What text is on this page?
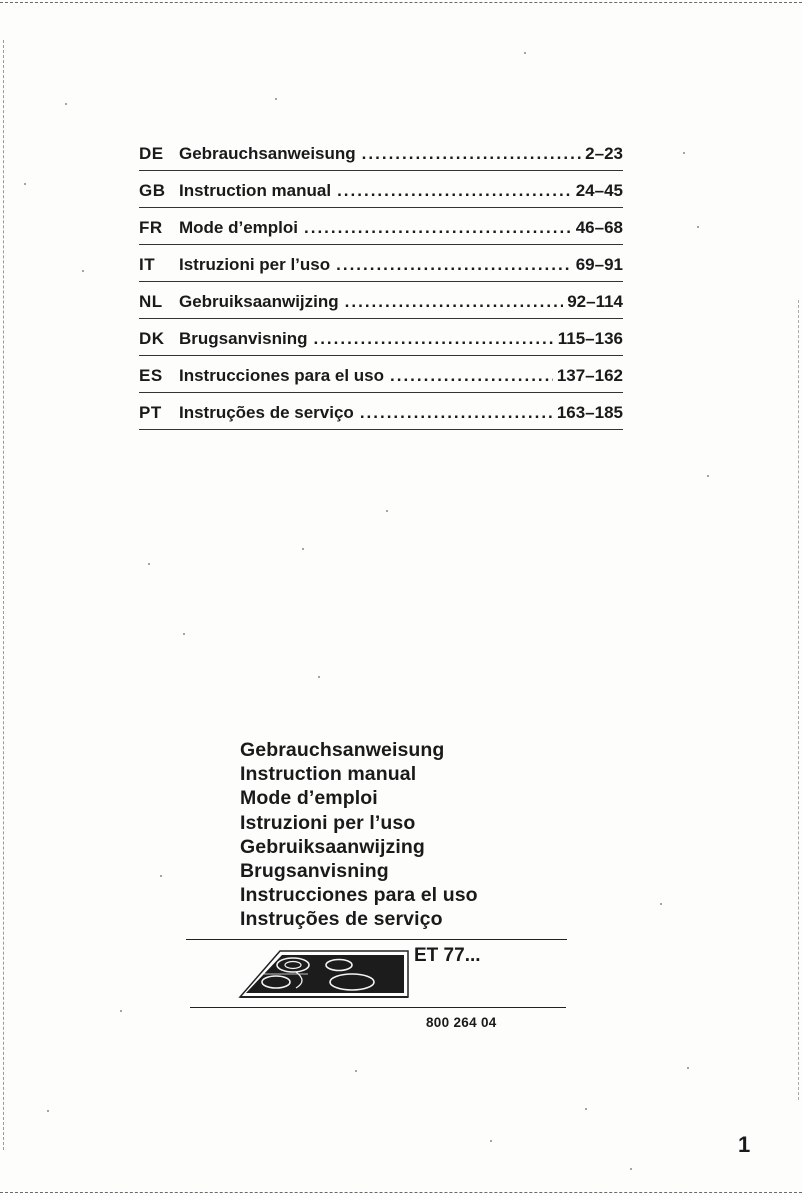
DE Gebrauchsanweisung .....	2–23
GB Instruction manual .....	24–45
FR Mode d’emploi .....	46–68
IT	Istruzioni per l’uso .....	69–91
NL Gebruiksaanwijzing .....	92–114
DK Brugsanvisning .....	115–136
ES Instrucciones para el uso .....	137–162
PT	Instruções de serviço .....	163–185
Gebrauchsanweisung
Instruction manual
Mode d’emploi
Istruzioni per l’uso
Gebruiksaanwijzing
Brugsanvisning
Instrucciones para el uso
Instruções de serviço
ET 77...
800 264 04
1
